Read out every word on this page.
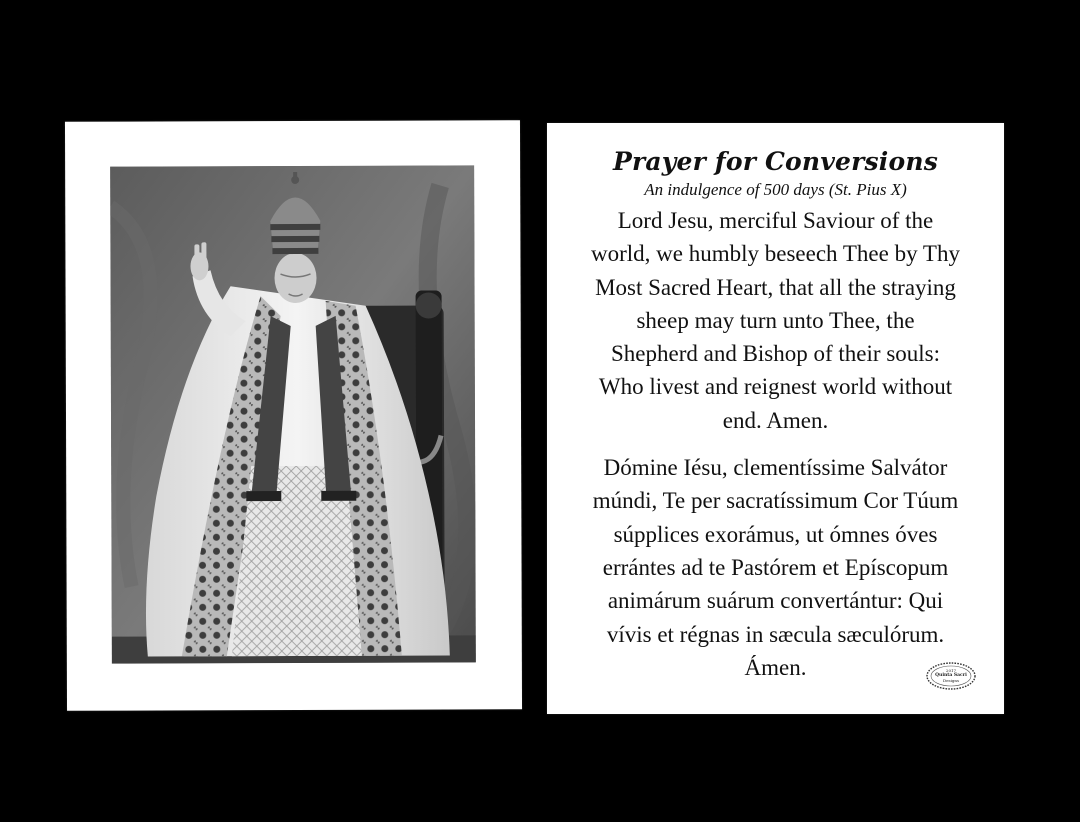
Prayer for Conversions

An indulgence of 500 days (St. Pius X)

Lord Jesu, merciful Saviour of the
world, we humbly beseech Thee by Thy
Most Sacred Heart, that all the straying
sheep may turn unto Thee, the
Shepherd and Bishop of their souls:
Who livest and reignest world without
end. Amen.
Dómine Iésu, clementíssime Salvátor
múndi, Te per sacratíssimum Cor Túum
súpplices exorámus, ut ómnes óves
errántes ad te Pastórem et Epíscopum
animárum suárum convertántur: Qui
vívis et régnas in sæcula sæculórum.
Ámen.	2017
Quinta Sacri
Designs
